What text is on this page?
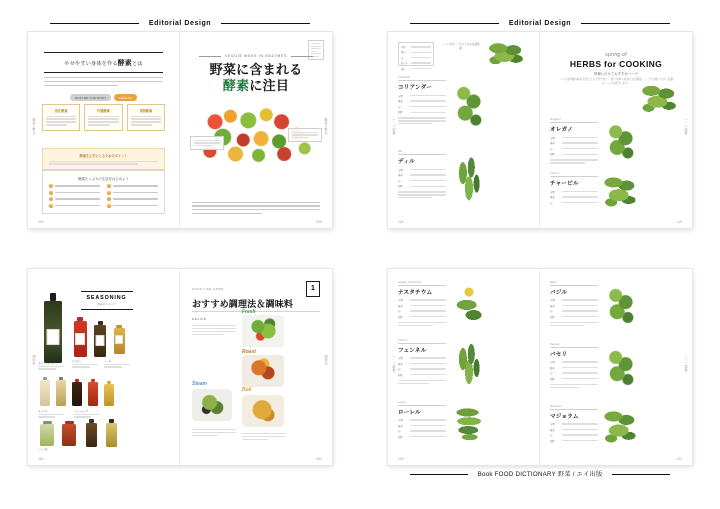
Editorial Design
酵素と野菜
やせやすい身体を作る酵素とは
ENZYME THE BODY	HEALTH
消化酵素	代謝酵素	食物酵素
酵素を上手にとるためのポイント
酵素たっぷりの生活をはじめよう
1
2
3
4
5
6
7
8
004
酵素と野菜
VEGGIE WEEK IN ENZYMES
野菜に含まれる
酵素に注目
005
Editorial Design
ハーブ図鑑
分類
原産
旬
使い方
保存
ハーブを使いこなすための基礎知識
Coriander
コリアンダー
分類
原産
旬
相性
Dill
ディル
分類
原産
旬
相性
118
ハーブ図鑑
spring of
HERBS for COOKING
料理にのせておすすめハーブ
ハーブは料理の味を引き立てるだけでなく、香りや彩りを添える名脇役。ここでは使いやすい定番のハーブを紹介します。
Oregano
オレガノ
分類
原産
旬
相性
Chervil
チャービル
分類
原産
旬
119
調味料
SEASONING
調味料カタログ
オリーブオイル
ビネガー	ソース
スパイス	ドレッシング
しょうゆ
062
調理法
COOK LIKE A PRO	1
おすすめ調理法＆調味料
RECIPE
Fresh
Roast
Steam
Boil
063
ハーブ図鑑
Garden Nasturtium
ナスタチウム
分類
原産
旬
相性
Fennel
フェンネル
分類
原産
旬
相性
Laurel
ローレル
分類
原産
旬
相性
120
ハーブ図鑑
Basil
バジル
分類
原産
旬
相性
Parsley
パセリ
分類
原産
旬
相性
Marjoram
マジョラム
分類
原産
旬
相性
121
Book FOOD DICTIONARY 野菜 / エイ出版
